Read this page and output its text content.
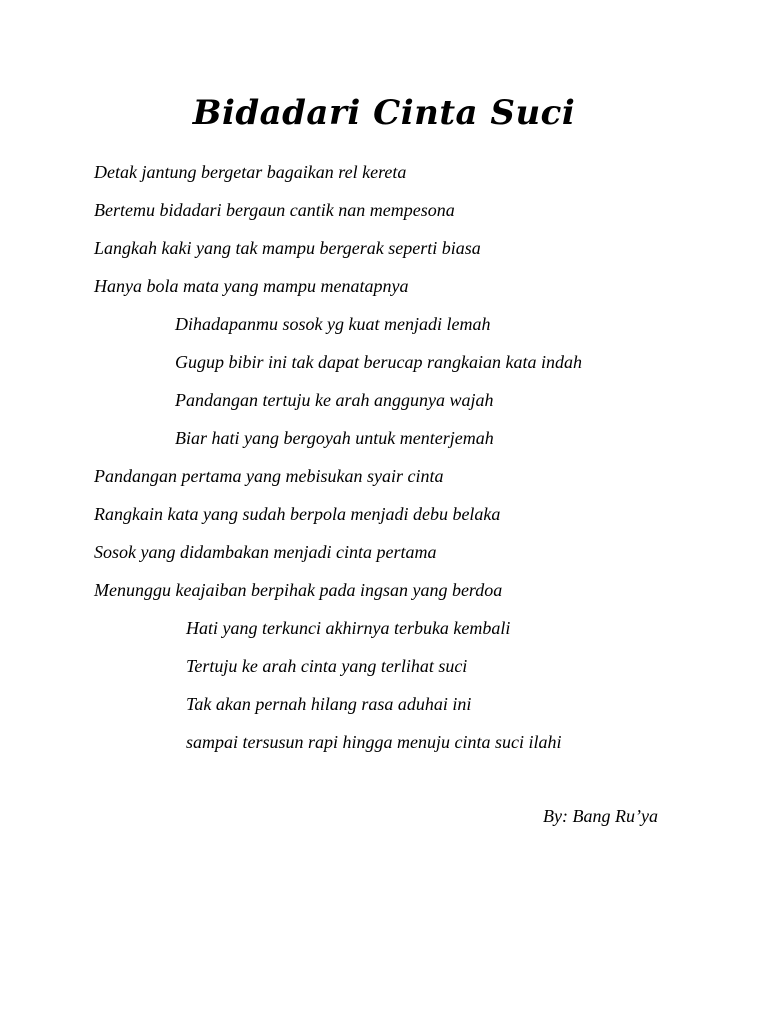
Bidadari Cinta Suci

Detak jantung bergetar bagaikan rel kereta

Bertemu bidadari bergaun cantik nan mempesona

Langkah kaki yang tak mampu bergerak seperti biasa

Hanya bola mata yang mampu menatapnya

Dihadapanmu sosok yg kuat menjadi lemah

Gugup bibir ini tak dapat berucap rangkaian kata indah

Pandangan tertuju ke arah anggunya wajah

Biar hati yang bergoyah untuk menterjemah

Pandangan pertama yang mebisukan syair cinta

Rangkain kata yang sudah berpola menjadi debu belaka

Sosok yang didambakan menjadi cinta pertama

Menunggu keajaiban berpihak pada ingsan yang berdoa

Hati yang terkunci akhirnya terbuka kembali

Tertuju ke arah cinta yang terlihat suci

Tak akan pernah hilang rasa aduhai ini

sampai tersusun rapi hingga menuju cinta suci ilahi

By: Bang Ru’ya
